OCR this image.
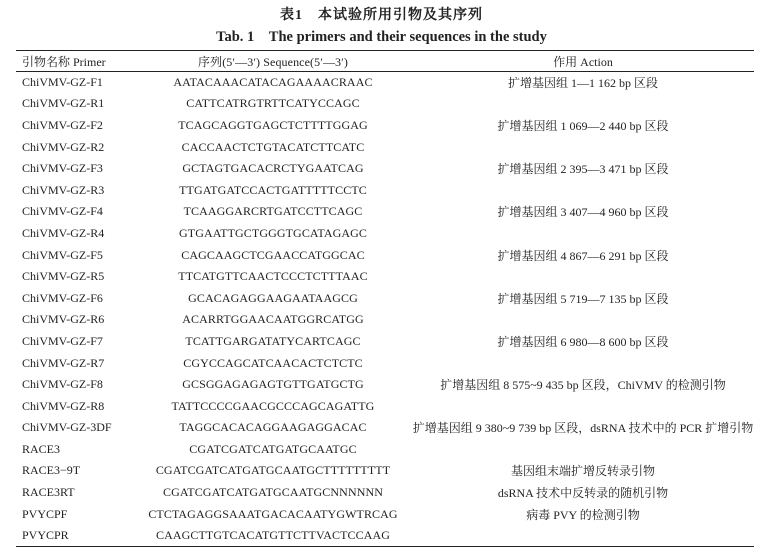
表1　本试验所用引物及其序列
Tab. 1　The primers and their sequences in the study
引物名称 Primer	序列(5′—3′) Sequence(5′—3′)	作用 Action
ChiVMV-GZ-F1	AATACAAACATACAGAAAACRAAC	扩增基因组 1—1 162 bp 区段
ChiVMV-GZ-R1	CATTCATRGTRTTCATYCCAGC	
ChiVMV-GZ-F2	TCAGCAGGTGAGCTCTTTTGGAG	扩增基因组 1 069—2 440 bp 区段
ChiVMV-GZ-R2	CACCAACTCTGTACATCTTCATC	
ChiVMV-GZ-F3	GCTAGTGACACRCTYGAATCAG	扩增基因组 2 395—3 471 bp 区段
ChiVMV-GZ-R3	TTGATGATCCACTGATTTTTCCTC	
ChiVMV-GZ-F4	TCAAGGARCRTGATCCTTCAGC	扩增基因组 3 407—4 960 bp 区段
ChiVMV-GZ-R4	GTGAATTGCTGGGTGCATAGAGC	
ChiVMV-GZ-F5	CAGCAAGCTCGAACCATGGCAC	扩增基因组 4 867—6 291 bp 区段
ChiVMV-GZ-R5	TTCATGTTCAACTCCCTCTTTAAC	
ChiVMV-GZ-F6	GCACAGAGGAAGAATAAGCG	扩增基因组 5 719—7 135 bp 区段
ChiVMV-GZ-R6	ACARRTGGAACAATGGRCATGG	
ChiVMV-GZ-F7	TCATTGARGATATYCARTCAGC	扩增基因组 6 980—8 600 bp 区段
ChiVMV-GZ-R7	CGYCCAGCATCAACACTCTCTC	
ChiVMV-GZ-F8	GCSGGAGAGAGTGTTGATGCTG	扩增基因组 8 575~9 435 bp 区段，ChiVMV 的检测引物
ChiVMV-GZ-R8	TATTCCCCGAACGCCCAGCAGATTG	
ChiVMV-GZ-3DF	TAGGCACACAGGAAGAGGACAC	扩增基因组 9 380~9 739 bp 区段，dsRNA 技术中的 PCR 扩增引物
RACE3	CGATCGATCATGATGCAATGC	
RACE3−9T	CGATCGATCATGATGCAATGCTTTTTTTTT	基因组末端扩增反转录引物
RACE3RT	CGATCGATCATGATGCAATGCNNNNNN	dsRNA 技术中反转录的随机引物
PVYCPF	CTCTAGAGGSAAATGACACAATYGWTRCAG	病毒 PVY 的检测引物
PVYCPR	CAAGCTTGTCACATGTTCTTVACTCCAAG	
